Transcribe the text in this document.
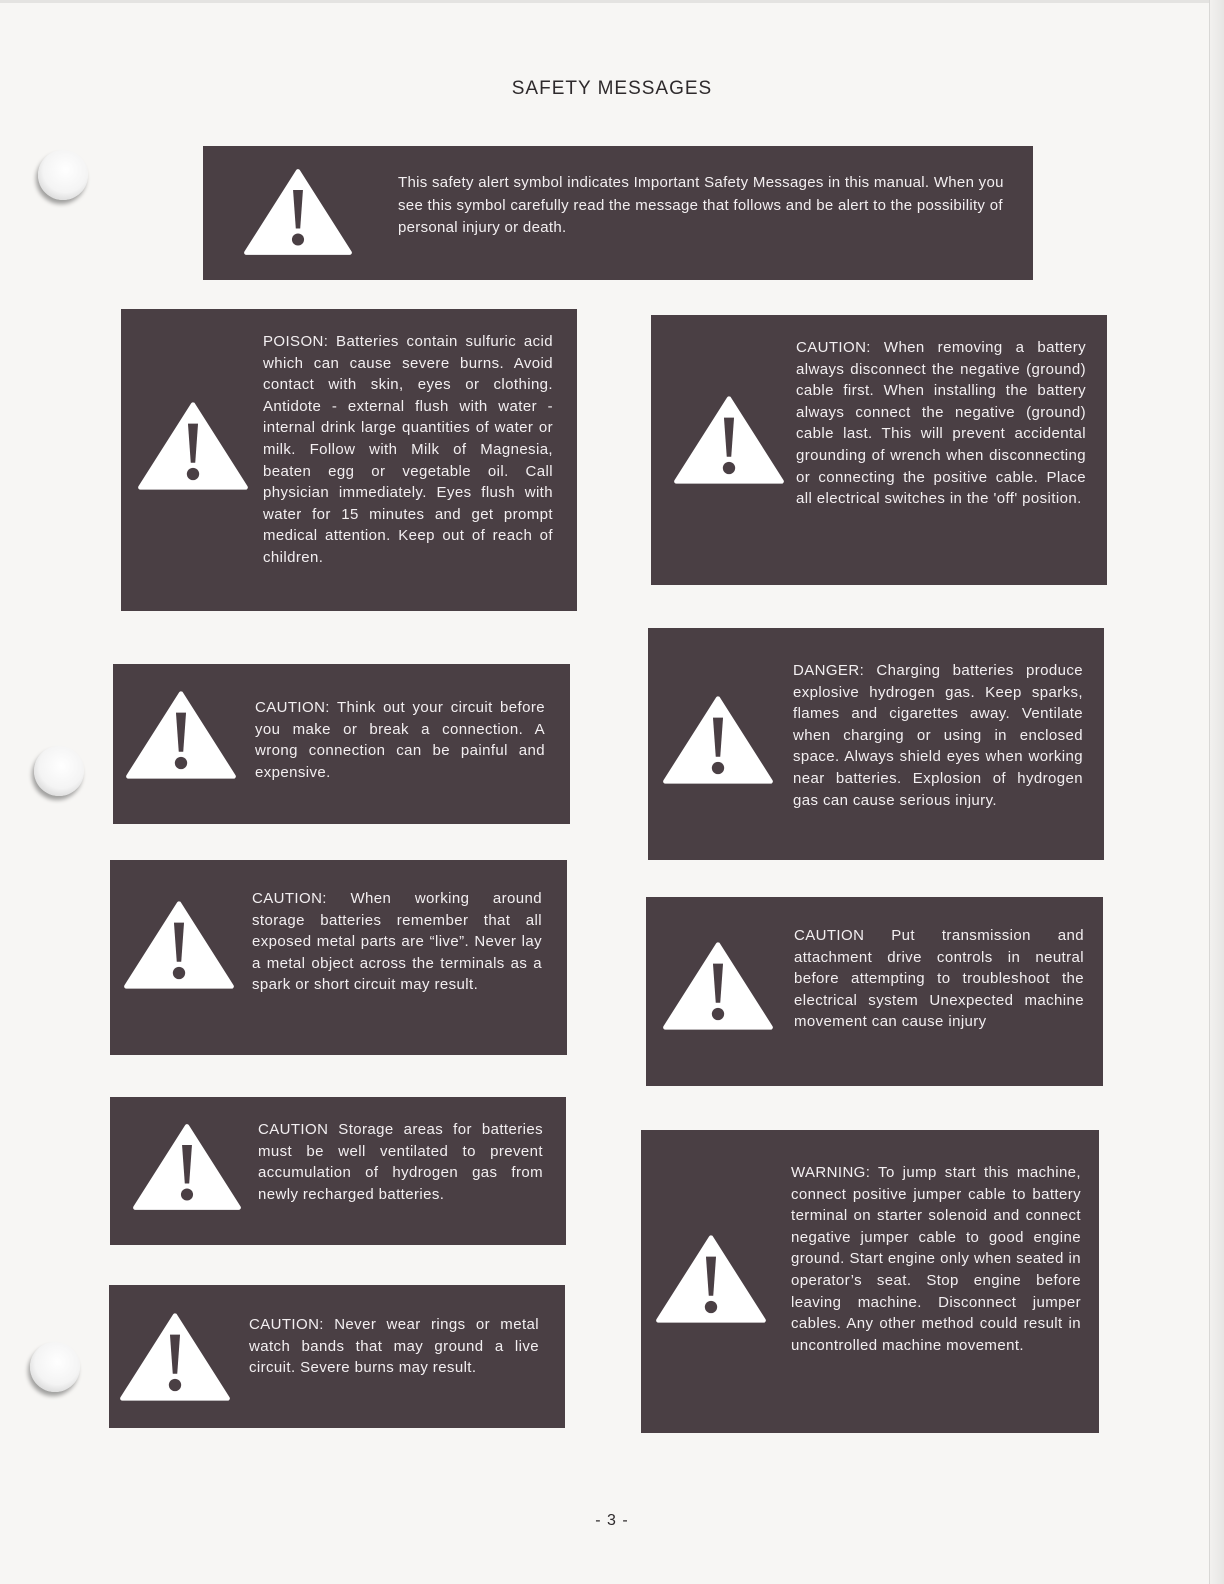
SAFETY MESSAGES

This safety alert symbol indicates Important Safety Messages in this manual. When you see this symbol carefully read the message that follows and be alert to the possibility of personal injury or death.

POISON: Batteries contain sulfuric acid which can cause severe burns. Avoid contact with skin, eyes or clothing. Antidote - external flush with water - internal drink large quantities of water or milk. Follow with Milk of Magnesia, beaten egg or vegetable oil. Call physician immediately. Eyes flush with water for 15 minutes and get prompt medical attention. Keep out of reach of children.

CAUTION: When removing a battery always disconnect the negative (ground) cable first. When installing the battery always connect the negative (ground) cable last. This will prevent accidental grounding of wrench when disconnecting or connecting the positive cable. Place all electrical switches in the 'off' position.

CAUTION: Think out your circuit before you make or break a connection. A wrong connection can be painful and expensive.

DANGER: Charging batteries produce explosive hydrogen gas. Keep sparks, flames and cigarettes away. Ventilate when charging or using in enclosed space. Always shield eyes when working near batteries. Explosion of hydrogen gas can cause serious injury.

CAUTION: When working around storage batteries remember that all exposed metal parts are “live”. Never lay a metal object across the terminals as a spark or short circuit may result.

CAUTION Put transmission and attachment drive controls in neutral before attempting to troubleshoot the electrical system Unexpected machine movement can cause injury

CAUTION Storage areas for batteries must be well ventilated to prevent accumulation of hydrogen gas from newly recharged batteries.

WARNING: To jump start this machine, connect positive jumper cable to battery terminal on starter solenoid and connect negative jumper cable to good engine ground. Start engine only when seated in operator’s seat. Stop engine before leaving machine. Disconnect jumper cables. Any other method could result in uncontrolled machine movement.

CAUTION: Never wear rings or metal watch bands that may ground a live circuit. Severe burns may result.

- 3 -
